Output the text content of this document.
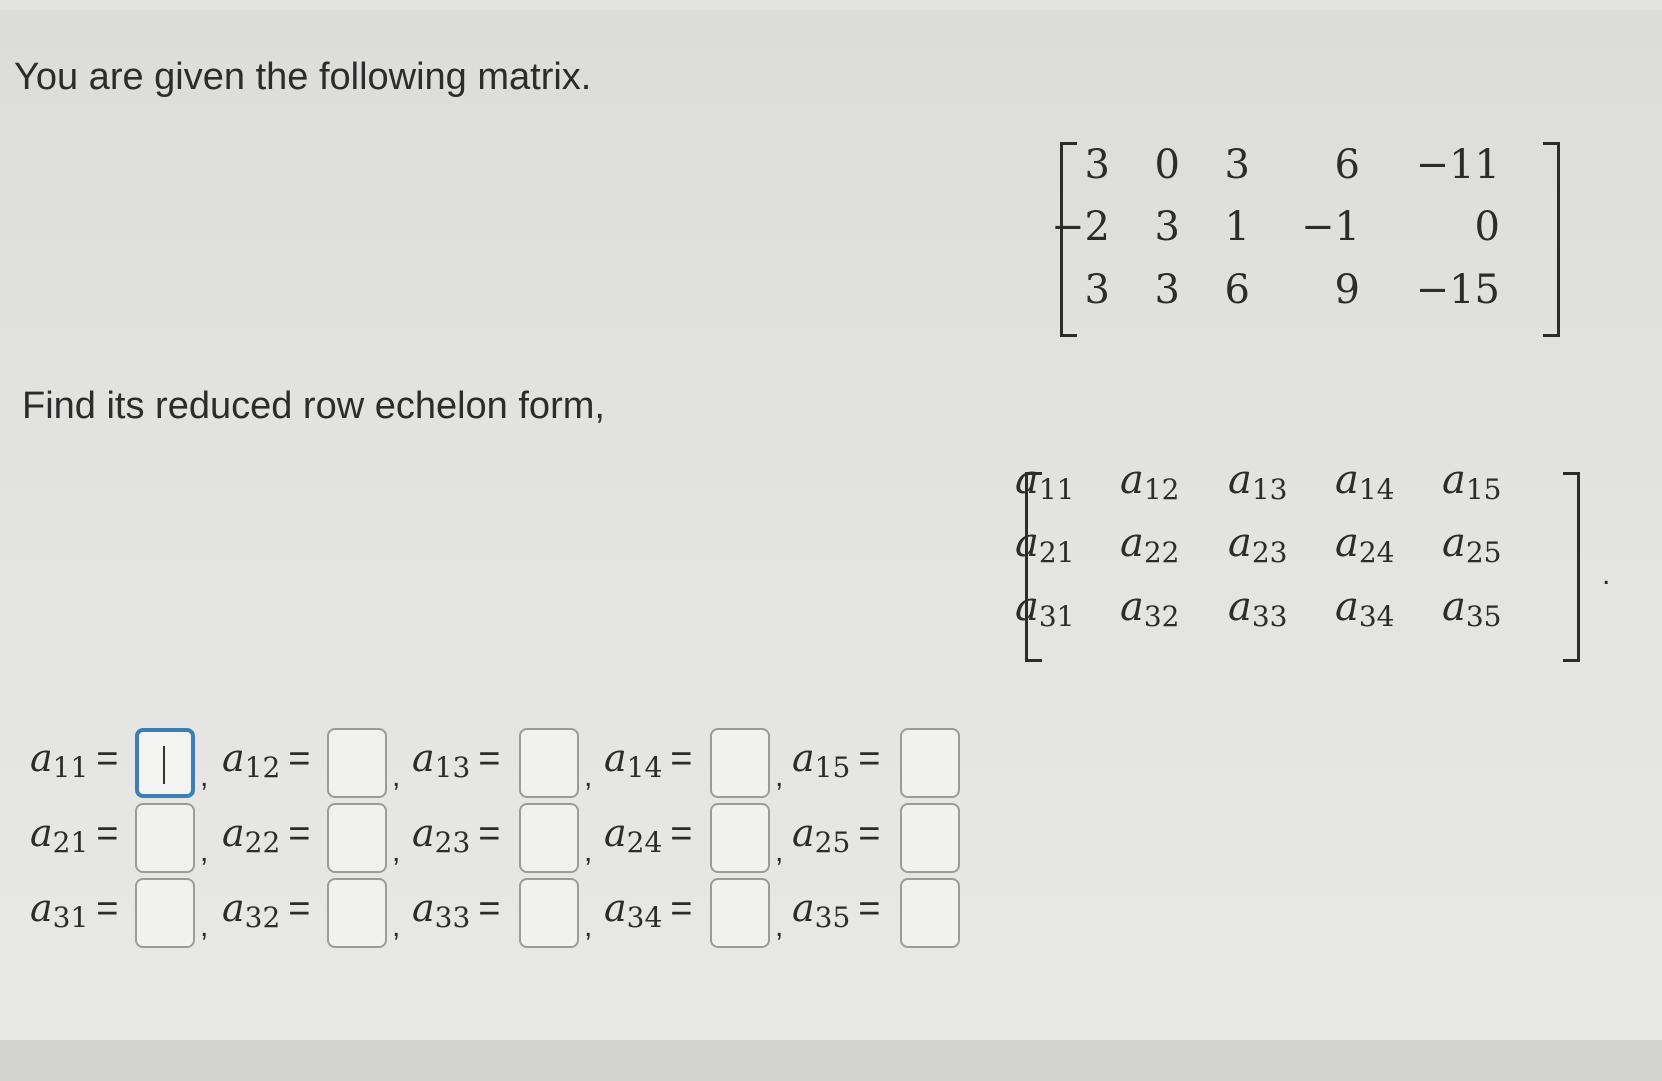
You are given the following matrix.
3 0 3 6 −11
−2 3 1 −1	0
3 3 6 9 −15
Find its reduced row echelon form,
$a_{11}$ $a_{12}$ $a_{13}$ $a_{14}$ $a_{15}$
$a_{21}$ $a_{22}$ $a_{23}$ $a_{24}$ $a_{25}$
$a_{31}$ $a_{32}$ $a_{33}$ $a_{34}$ $a_{35}$
.
$a_{11}$ =	, $a_{12}$ =	, $a_{13}$ =	, $a_{14}$ =	, $a_{15}$ =
$a_{21}$ =	, $a_{22}$ =	, $a_{23}$ =	, $a_{24}$ =	, $a_{25}$ =
$a_{31}$ =	, $a_{32}$ =	, $a_{33}$ =	, $a_{34}$ =	, $a_{35}$ =
